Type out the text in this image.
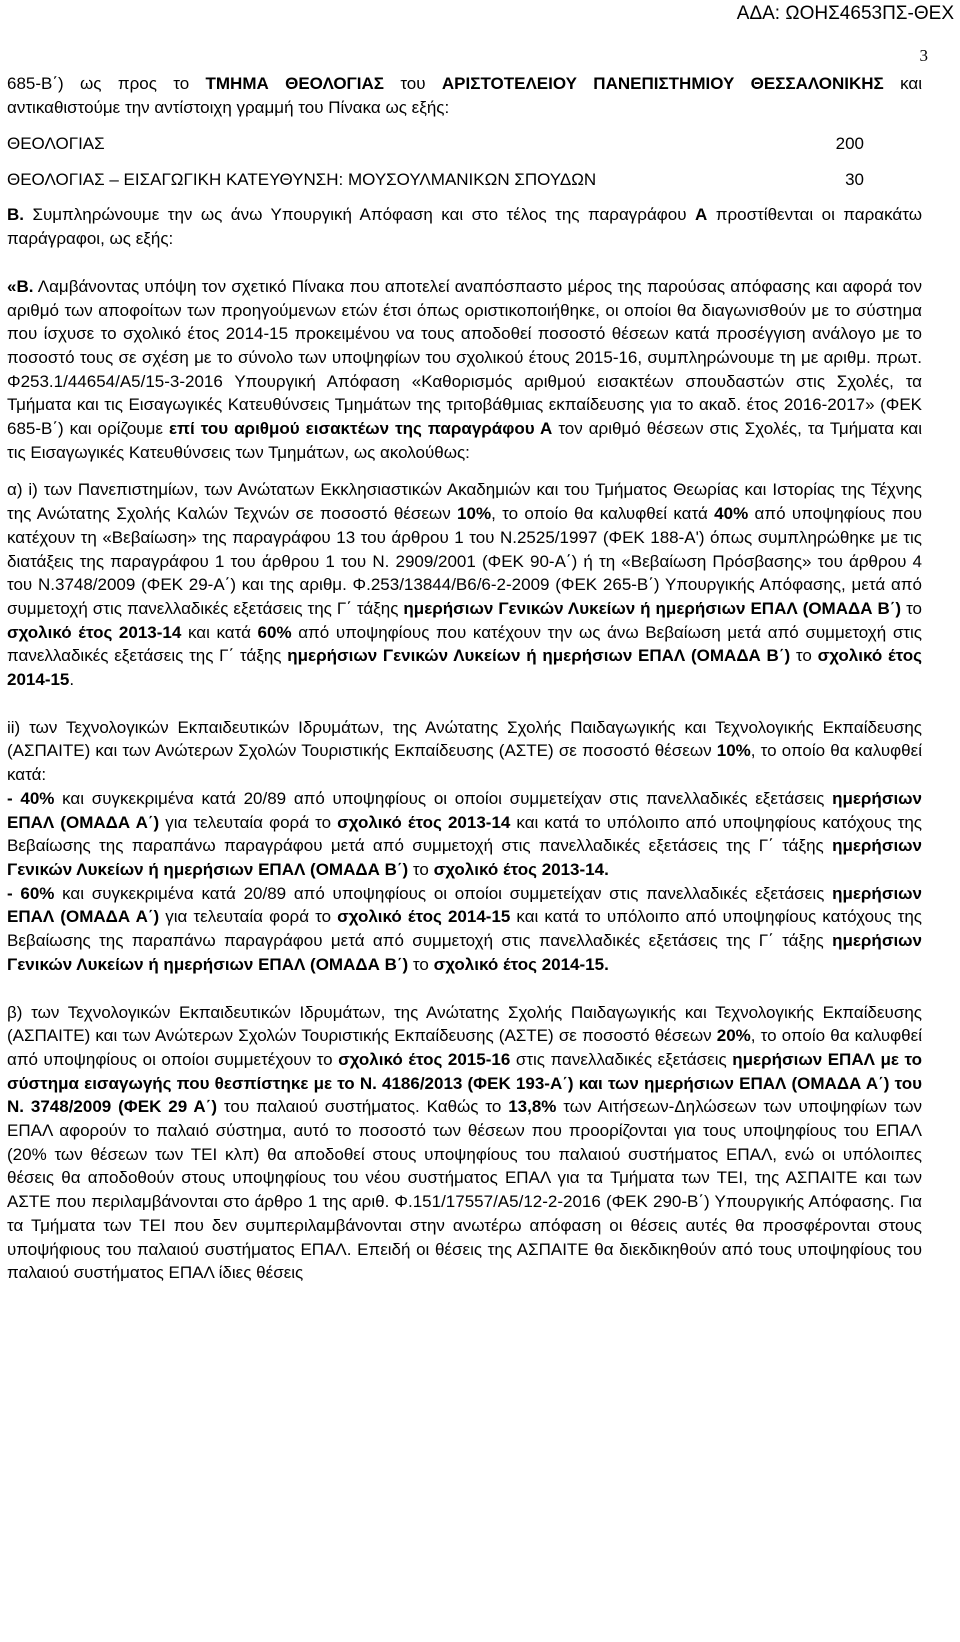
ΑΔΑ: ΩΟΗΣ4653ΠΣ-ΘΕΧ
3

685-Β΄) ως προς το ΤΜΗΜΑ ΘΕΟΛΟΓΙΑΣ του ΑΡΙΣΤΟΤΕΛΕΙΟΥ ΠΑΝΕΠΙΣΤΗΜΙΟΥ ΘΕΣΣΑΛΟΝΙΚΗΣ και αντικαθιστούμε την αντίστοιχη γραμμή του Πίνακα ως εξής:

ΘΕΟΛΟΓΙΑΣ	200
ΘΕΟΛΟΓΙΑΣ – ΕΙΣΑΓΩΓΙΚΗ ΚΑΤΕΥΘΥΝΣΗ: ΜΟΥΣΟΥΛΜΑΝΙΚΩΝ ΣΠΟΥΔΩΝ	30

Β. Συμπληρώνουμε την ως άνω Υπουργική Απόφαση και στο τέλος της παραγράφου Α προστίθενται οι παρακάτω παράγραφοι, ως εξής:

«Β. Λαμβάνοντας υπόψη τον σχετικό Πίνακα που αποτελεί αναπόσπαστο μέρος της παρούσας απόφασης και αφορά τον αριθμό των αποφοίτων των προηγούμενων ετών έτσι όπως οριστικοποιήθηκε, οι οποίοι θα διαγωνισθούν με το σύστημα που ίσχυσε το σχολικό έτος 2014-15 προκειμένου να τους αποδοθεί ποσοστό θέσεων κατά προσέγγιση ανάλογο με το ποσοστό τους σε σχέση με το σύνολο των υποψηφίων του σχολικού έτους 2015-16, συμπληρώνουμε τη με αριθμ. πρωτ. Φ253.1/44654/Α5/15-3-2016 Υπουργική Απόφαση «Καθορισμός αριθμού εισακτέων σπουδαστών στις Σχολές, τα Τμήματα και τις Εισαγωγικές Κατευθύνσεις Τμημάτων της τριτοβάθμιας εκπαίδευσης για το ακαδ. έτος 2016-2017» (ΦΕΚ 685-Β΄) και ορίζουμε επί του αριθμού εισακτέων της παραγράφου Α τον αριθμό θέσεων στις Σχολές, τα Τμήματα και τις Εισαγωγικές Κατευθύνσεις των Τμημάτων, ως ακολούθως:

α) i) των Πανεπιστημίων, των Ανώτατων Εκκλησιαστικών Ακαδημιών και του Τμήματος Θεωρίας και Ιστορίας της Τέχνης της Ανώτατης Σχολής Καλών Τεχνών σε ποσοστό θέσεων 10%, το οποίο θα καλυφθεί κατά 40% από υποψηφίους που κατέχουν τη «Βεβαίωση» της παραγράφου 13 του άρθρου 1 του Ν.2525/1997 (ΦΕΚ 188-Α') όπως συμπληρώθηκε με τις διατάξεις της παραγράφου 1 του άρθρου 1 του Ν. 2909/2001 (ΦΕΚ 90-Α΄) ή τη «Βεβαίωση Πρόσβασης» του άρθρου 4 του Ν.3748/2009 (ΦΕΚ 29-Α΄) και της αριθμ. Φ.253/13844/Β6/6-2-2009 (ΦΕΚ 265-Β΄) Υπουργικής Απόφασης, μετά από συμμετοχή στις πανελλαδικές εξετάσεις της Γ΄ τάξης ημερήσιων Γενικών Λυκείων ή ημερήσιων ΕΠΑΛ (ΟΜΑΔΑ Β΄) το σχολικό έτος 2013-14 και κατά 60% από υποψηφίους που κατέχουν την ως άνω Βεβαίωση μετά από συμμετοχή στις πανελλαδικές εξετάσεις της Γ΄ τάξης ημερήσιων Γενικών Λυκείων ή ημερήσιων ΕΠΑΛ (ΟΜΑΔΑ Β΄) το σχολικό έτος 2014-15.

ii) των Τεχνολογικών Εκπαιδευτικών Ιδρυμάτων, της Ανώτατης Σχολής Παιδαγωγικής και Τεχνολογικής Εκπαίδευσης (ΑΣΠΑΙΤΕ) και των Ανώτερων Σχολών Τουριστικής Εκπαίδευσης (ΑΣΤΕ) σε ποσοστό θέσεων 10%, το οποίο θα καλυφθεί κατά:

- 40% και συγκεκριμένα κατά 20/89 από υποψηφίους οι οποίοι συμμετείχαν στις πανελλαδικές εξετάσεις ημερήσιων ΕΠΑΛ (ΟΜΑΔΑ Α΄) για τελευταία φορά το σχολικό έτος 2013-14 και κατά το υπόλοιπο από υποψηφίους κατόχους της Βεβαίωσης της παραπάνω παραγράφου μετά από συμμετοχή στις πανελλαδικές εξετάσεις της Γ΄ τάξης ημερήσιων Γενικών Λυκείων ή ημερήσιων ΕΠΑΛ (ΟΜΑΔΑ Β΄) το σχολικό έτος 2013-14.

- 60% και συγκεκριμένα κατά 20/89 από υποψηφίους οι οποίοι συμμετείχαν στις πανελλαδικές εξετάσεις ημερήσιων ΕΠΑΛ (ΟΜΑΔΑ Α΄) για τελευταία φορά το σχολικό έτος 2014-15 και κατά το υπόλοιπο από υποψηφίους κατόχους της Βεβαίωσης της παραπάνω παραγράφου μετά από συμμετοχή στις πανελλαδικές εξετάσεις της Γ΄ τάξης ημερήσιων Γενικών Λυκείων ή ημερήσιων ΕΠΑΛ (ΟΜΑΔΑ Β΄) το σχολικό έτος 2014-15.

β) των Τεχνολογικών Εκπαιδευτικών Ιδρυμάτων, της Ανώτατης Σχολής Παιδαγωγικής και Τεχνολογικής Εκπαίδευσης (ΑΣΠΑΙΤΕ) και των Ανώτερων Σχολών Τουριστικής Εκπαίδευσης (ΑΣΤΕ) σε ποσοστό θέσεων 20%, το οποίο θα καλυφθεί από υποψηφίους οι οποίοι συμμετέχουν το σχολικό έτος 2015-16 στις πανελλαδικές εξετάσεις ημερήσιων ΕΠΑΛ με το σύστημα εισαγωγής που θεσπίστηκε με το Ν. 4186/2013 (ΦΕΚ 193-Α΄) και των ημερήσιων ΕΠΑΛ (ΟΜΑΔΑ Α΄) του Ν. 3748/2009 (ΦΕΚ 29 Α΄) του παλαιού συστήματος. Καθώς το 13,8% των Αιτήσεων-Δηλώσεων των υποψηφίων των ΕΠΑΛ αφορούν το παλαιό σύστημα, αυτό το ποσοστό των θέσεων που προορίζονται για τους υποψηφίους του ΕΠΑΛ (20% των θέσεων των ΤΕΙ κλπ) θα αποδοθεί στους υποψηφίους του παλαιού συστήματος ΕΠΑΛ, ενώ οι υπόλοιπες θέσεις θα αποδοθούν στους υποψηφίους του νέου συστήματος ΕΠΑΛ για τα Τμήματα των ΤΕΙ, της ΑΣΠΑΙΤΕ και των ΑΣΤΕ που περιλαμβάνονται στο άρθρο 1 της αριθ. Φ.151/17557/Α5/12-2-2016 (ΦΕΚ 290-Β΄) Υπουργικής Απόφασης. Για τα Τμήματα των ΤΕΙ που δεν συμπεριλαμβάνονται στην ανωτέρω απόφαση οι θέσεις αυτές θα προσφέρονται στους υποψήφιους του παλαιού συστήματος ΕΠΑΛ. Επειδή οι θέσεις της ΑΣΠΑΙΤΕ θα διεκδικηθούν από τους υποψηφίους του παλαιού συστήματος ΕΠΑΛ ίδιες θέσεις
